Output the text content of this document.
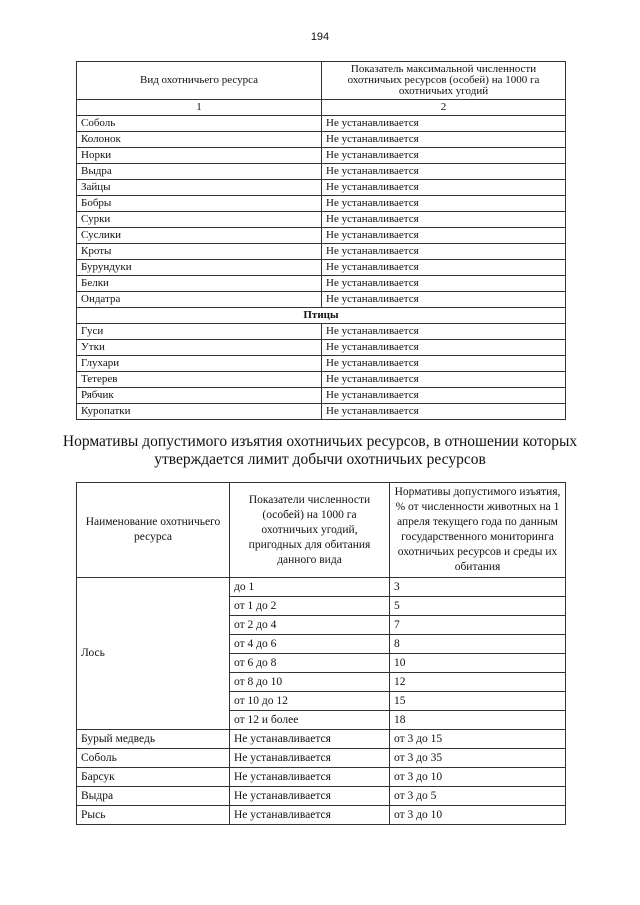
194
Вид охотничьего ресурса	Показатель максимальной численности охотничьих ресурсов (особей) на 1000 га охотничьих угодий
1	2
Соболь	Не устанавливается
Колонок	Не устанавливается
Норки	Не устанавливается
Выдра	Не устанавливается
Зайцы	Не устанавливается
Бобры	Не устанавливается
Сурки	Не устанавливается
Суслики	Не устанавливается
Кроты	Не устанавливается
Бурундуки	Не устанавливается
Белки	Не устанавливается
Ондатра	Не устанавливается
Птицы	
Гуси	Не устанавливается
Утки	Не устанавливается
Глухари	Не устанавливается
Тетерев	Не устанавливается
Рябчик	Не устанавливается
Куропатки	Не устанавливается
Нормативы допустимого изъятия охотничьих ресурсов, в отношении которых утверждается лимит добычи охотничьих ресурсов
Наименование охотничьего ресурса	Показатели численности (особей) на 1000 га охотничьих угодий, пригодных для обитания данного вида	Нормативы допустимого изъятия, % от численности животных на 1 апреля текущего года по данным государственного мониторинга охотничьих ресурсов и среды их обитания
Лось	до 1	3
	от 1 до 2	5
	от 2 до 4	7
	от 4 до 6	8
	от 6 до 8	10
	от 8 до 10	12
	от 10 до 12	15
	от 12 и более	18
Бурый медведь	Не устанавливается	от 3 до 15
Соболь	Не устанавливается	от 3 до 35
Барсук	Не устанавливается	от 3 до 10
Выдра	Не устанавливается	от 3 до 5
Рысь	Не устанавливается	от 3 до 10
